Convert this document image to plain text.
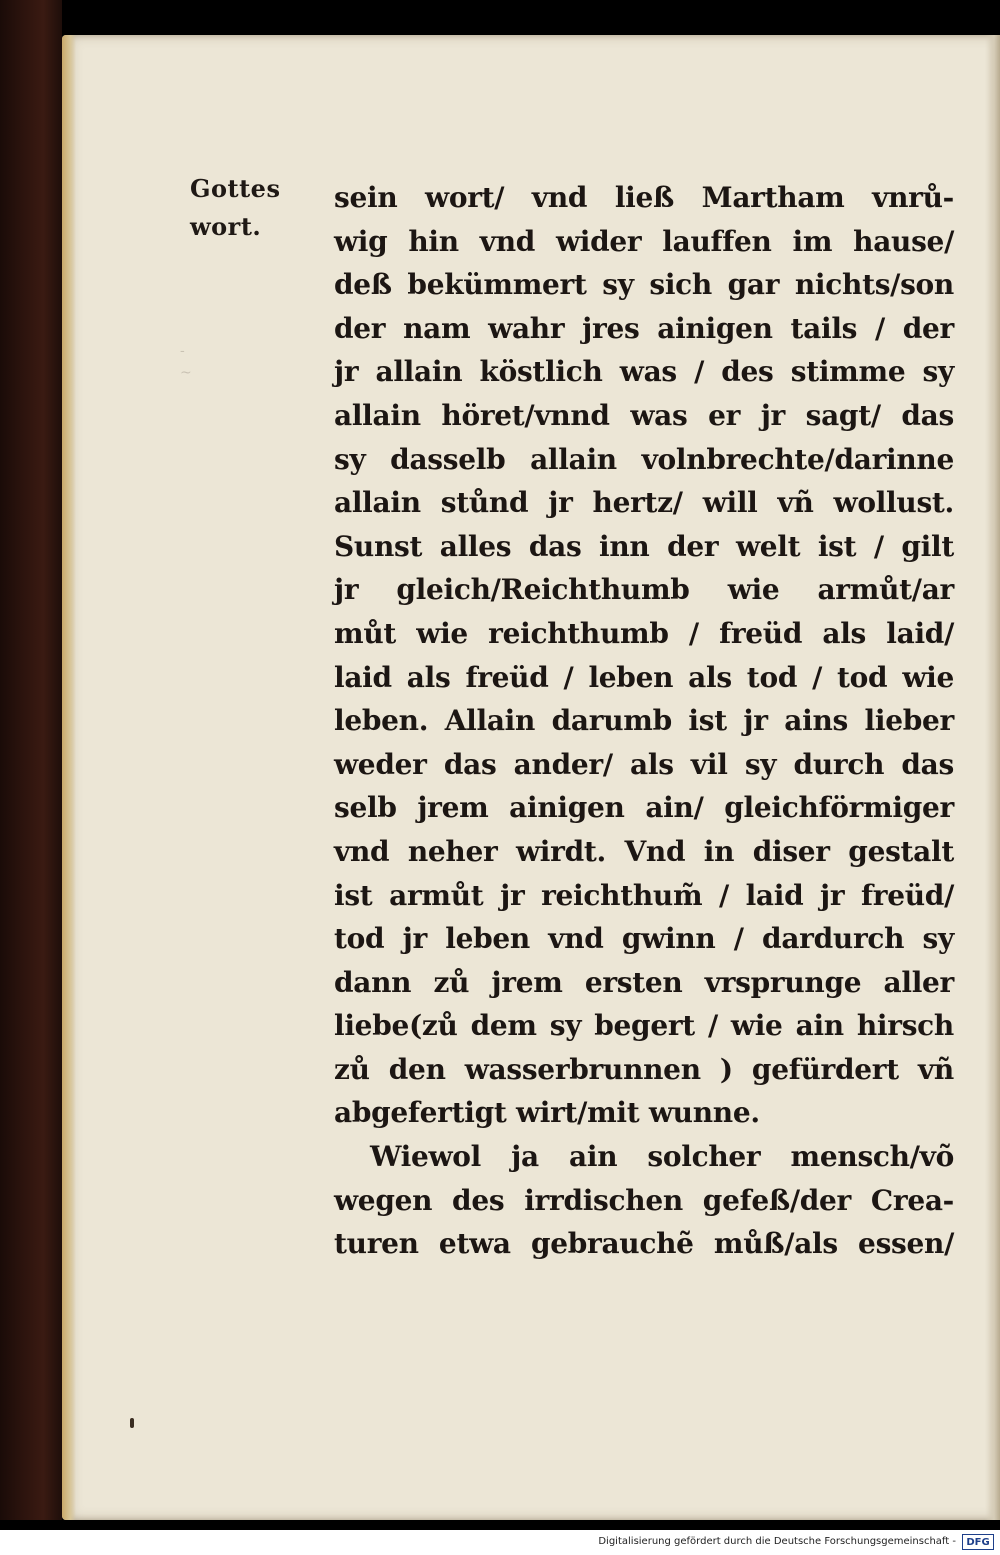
-
~
Gottes
wort.
sein wort/ vnd ließ Martham vnrů-
wig hin vnd wider lauffen im hause/
deß bekümmert sy sich gar nichts/son
der nam wahr jres ainigen tails / der
jr allain köstlich was / des stimme sy
allain höret/vnnd was er jr sagt/ das
sy dasselb allain volnbrechte/darinne
allain stůnd jr hertz/ will vñ wollust.
Sunst alles das inn der welt ist / gilt
jr gleich/Reichthumb wie armůt/ar
můt wie reichthumb / freüd als laid/
laid als freüd / leben als tod / tod wie
leben. Allain darumb ist jr ains lieber
weder das ander/ als vil sy durch das
selb jrem ainigen ain/ gleichförmiger
vnd neher wirdt. Vnd in diser gestalt
ist armůt jr reichthum̃ / laid jr freüd/
tod jr leben vnd gwinn / dardurch sy
dann zů jrem ersten vrsprunge aller
liebe(zů dem sy begert / wie ain hirsch
zů den wasserbrunnen ) gefürdert vñ
abgefertigt wirt/mit wunne.
Wiewol ja ain solcher mensch/võ
wegen des irrdischen gefeß/der Crea-
turen etwa gebrauchẽ můß/als essen/
Digitalisierung gefördert durch die Deutsche Forschungsgemeinschaft -	DFG
